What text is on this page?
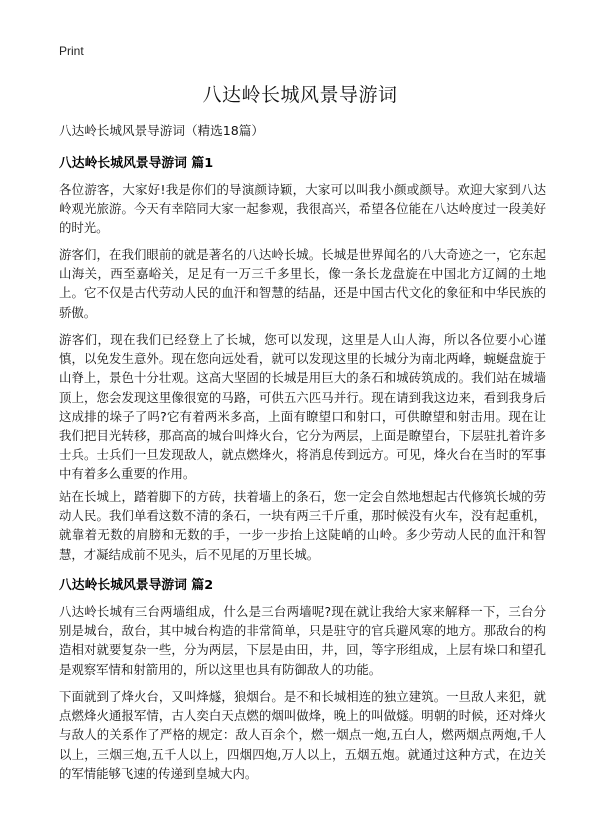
Print
八达岭长城风景导游词
八达岭长城风景导游词（精选18篇）
八达岭长城风景导游词 篇1

各位游客，大家好!我是你们的导演颜诗颖，大家可以叫我小颜或颜导。欢迎大家到八达岭观光旅游。今天有幸陪同大家一起参观，我很高兴，希望各位能在八达岭度过一段美好的时光。

游客们，在我们眼前的就是著名的八达岭长城。长城是世界闻名的八大奇迹之一，它东起山海关，西至嘉峪关，足足有一万三千多里长，像一条长龙盘旋在中国北方辽阔的土地上。它不仅是古代劳动人民的血汗和智慧的结晶，还是中国古代文化的象征和中华民族的骄傲。

游客们，现在我们已经登上了长城，您可以发现，这里是人山人海，所以各位要小心谨慎，以免发生意外。现在您向远处看，就可以发现这里的长城分为南北两峰，蜿蜒盘旋于山脊上，景色十分壮观。这高大坚固的长城是用巨大的条石和城砖筑成的。我们站在城墙顶上，您会发现这里像很宽的马路，可供五六匹马并行。现在请到我这边来，看到我身后这成排的垛子了吗?它有着两米多高，上面有瞭望口和射口，可供瞭望和射击用。现在让我们把目光转移，那高高的城台叫烽火台，它分为两层，上面是瞭望台，下层驻扎着许多士兵。士兵们一旦发现敌人，就点燃烽火，将消息传到远方。可见，烽火台在当时的军事中有着多么重要的作用。

站在长城上，踏着脚下的方砖，扶着墙上的条石，您一定会自然地想起古代修筑长城的劳动人民。我们单看这数不清的条石，一块有两三千斤重，那时候没有火车，没有起重机，就靠着无数的肩膀和无数的手，一步一步抬上这陡峭的山岭。多少劳动人民的血汗和智慧，才凝结成前不见头，后不见尾的万里长城。

八达岭长城风景导游词 篇2

八达岭长城有三台两墙组成，什么是三台两墙呢?现在就让我给大家来解释一下，三台分别是城台，敌台，其中城台构造的非常简单，只是驻守的官兵避风寒的地方。那敌台的构造相对就要复杂一些，分为两层，下层是由田，井，回，等字形组成，上层有垛口和望孔是观察军情和射箭用的，所以这里也具有防御敌人的功能。

下面就到了烽火台，又叫烽燧，狼烟台。是不和长城相连的独立建筑。一旦敌人来犯，就点燃烽火通报军情，古人奕白天点燃的烟叫做烽，晚上的叫做燧。明朝的时候，还对烽火与敌人的关系作了严格的规定：敌人百余个，燃一烟点一炮,五白人，燃两烟点两炮,千人以上，三烟三炮,五千人以上，四烟四炮,万人以上，五烟五炮。就通过这种方式，在边关的军情能够飞速的传递到皇城大内。
